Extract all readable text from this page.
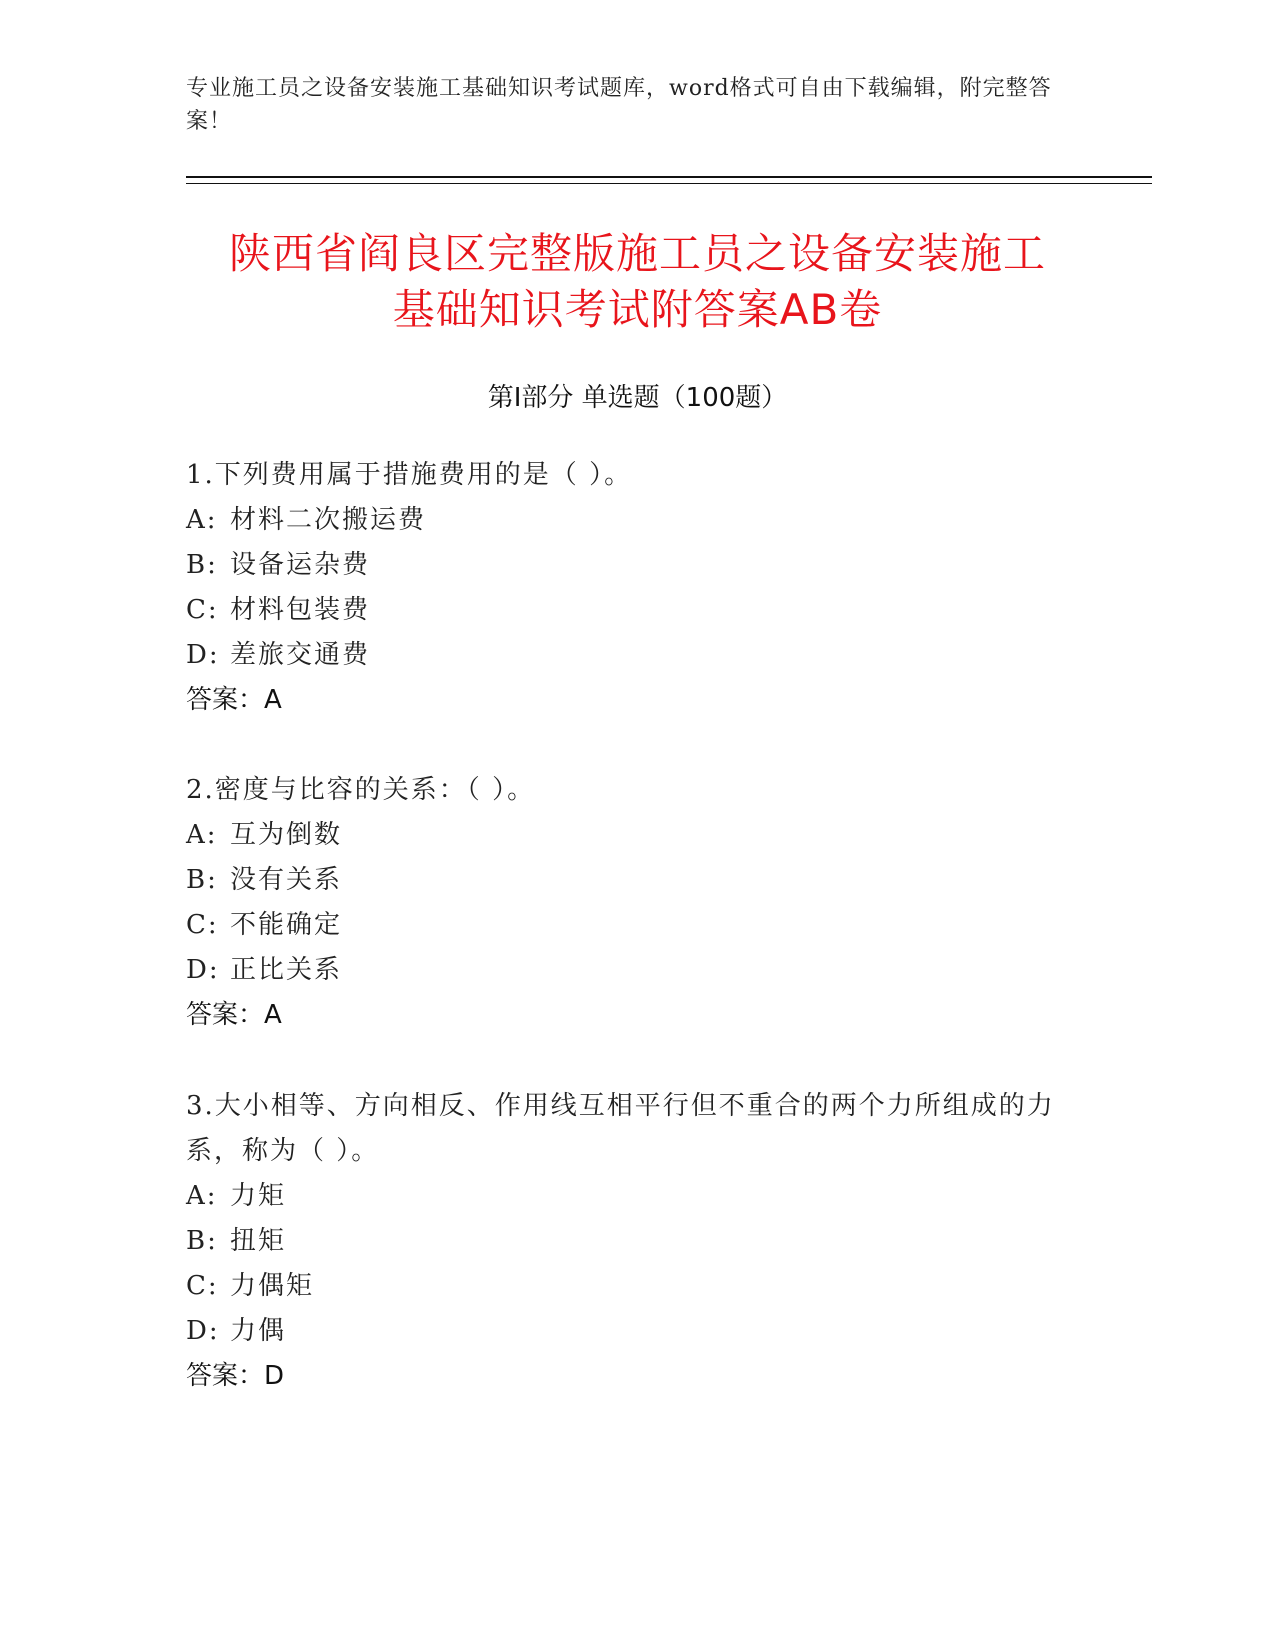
专业施工员之设备安装施工基础知识考试题库，word格式可自由下载编辑，附完整答案！
陕西省阎良区完整版施工员之设备安装施工
基础知识考试附答案AB卷
第Ⅰ部分 单选题（100题）
1.下列费用属于措施费用的是（ ）。
A: 材料二次搬运费
B: 设备运杂费
C: 材料包装费
D: 差旅交通费
答案：A
2.密度与比容的关系：（ ）。
A: 互为倒数
B: 没有关系
C: 不能确定
D: 正比关系
答案：A
3.大小相等、方向相反、作用线互相平行但不重合的两个力所组成的力系，称为（ ）。
A: 力矩
B: 扭矩
C: 力偶矩
D: 力偶
答案：D
